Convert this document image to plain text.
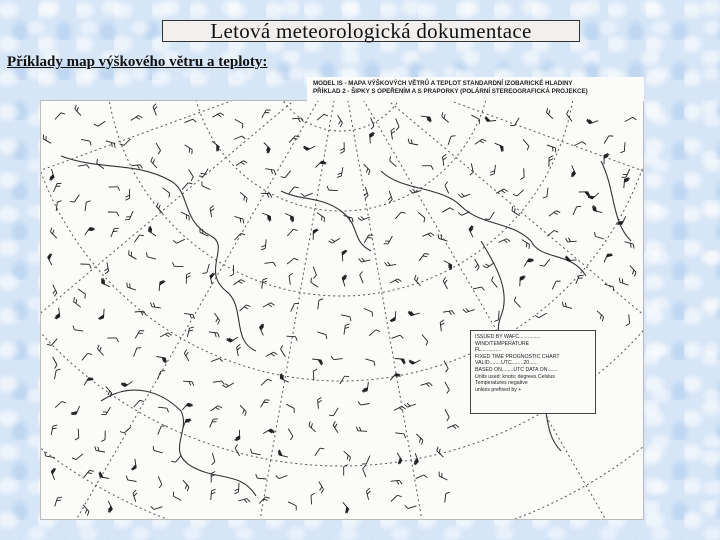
Letová meteorologická dokumentace
Příklady map výškového větru a teploty:
MODEL IS - MAPA VÝŠKOVÝCH VĚTRŮ A TEPLOT STANDARDNÍ IZOBARICKÉ HLADINY
PŘÍKLAD 2 - ŠIPKY S OPEŘENÍM A S PRAPORKY (POLÁRNÍ STEREOGRAFICKÁ PROJEKCE)
ISSUED BY WAFC...............
WIND/TEMPERATURE
FL..............
FIXED TIME PROGNOSTIC CHART
VALID........UTC........20......
BASED ON........UTC DATA ON.......
Units used: knots; degrees Celsius
Temperatures negative
unless prefixed by +
